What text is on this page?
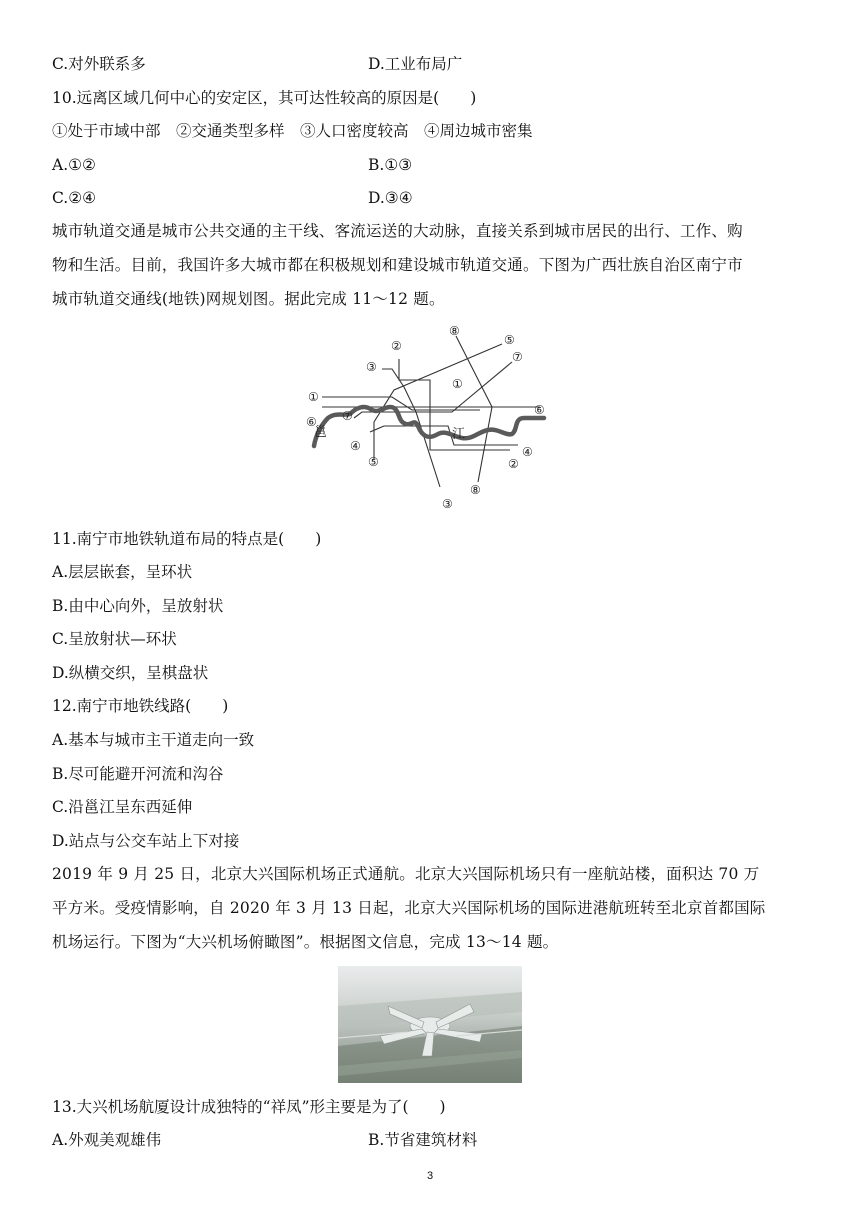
C.对外联系多	D.工业布局广
10.远离区域几何中心的安定区，其可达性较高的原因是(　　)
①处于市域中部　②交通类型多样　③人口密度较高　④周边城市密集
A.①②	B.①③
C.②④	D.③④
城市轨道交通是城市公共交通的主干线、客流运送的大动脉，直接关系到城市居民的出行、工作、购
物和生活。目前，我国许多大城市都在积极规划和建设城市轨道交通。下图为广西壮族自治区南宁市
城市轨道交通线(地铁)网规划图。据此完成 11～12 题。
邕	江
①
①
②
②
③
③
④	④
⑤
⑤
⑥
⑥
⑦
⑦
⑧
⑧
11.南宁市地铁轨道布局的特点是(　　)
A.层层嵌套，呈环状
B.由中心向外，呈放射状
C.呈放射状—环状
D.纵横交织，呈棋盘状
12.南宁市地铁线路(　　)
A.基本与城市主干道走向一致
B.尽可能避开河流和沟谷
C.沿邕江呈东西延伸
D.站点与公交车站上下对接
2019 年 9 月 25 日，北京大兴国际机场正式通航。北京大兴国际机场只有一座航站楼，面积达 70 万
平方米。受疫情影响，自 2020 年 3 月 13 日起，北京大兴国际机场的国际进港航班转至北京首都国际
机场运行。下图为“大兴机场俯瞰图”。根据图文信息，完成 13～14 题。
13.大兴机场航厦设计成独特的“祥凤”形主要是为了(　　)
A.外观美观雄伟	B.节省建筑材料
3
